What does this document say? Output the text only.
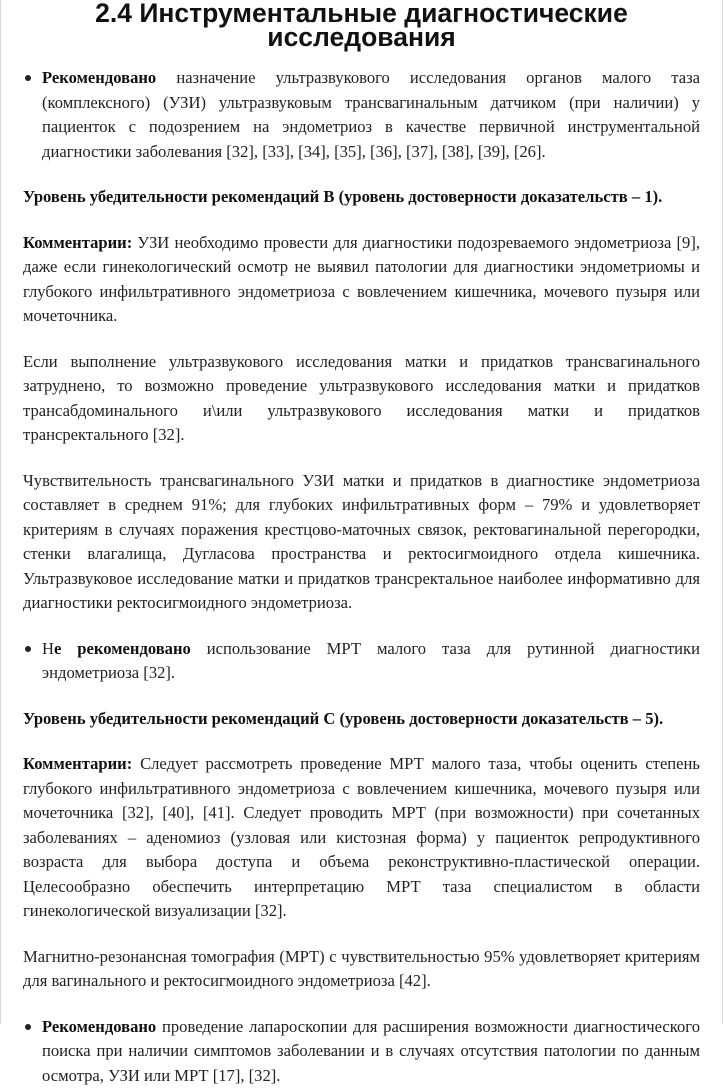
2.4 Инструментальные диагностические исследования

Рекомендовано назначение ультразвукового исследования органов малого таза (комплексного) (УЗИ) ультразвуковым трансвагинальным датчиком (при наличии) у пациенток с подозрением на эндометриоз в качестве первичной инструментальной диагностики заболевания [32], [33], [34], [35], [36], [37], [38], [39], [26].

Уровень убедительности рекомендаций B (уровень достоверности доказательств – 1).

Комментарии: УЗИ необходимо провести для диагностики подозреваемого эндометриоза [9], даже если гинекологический осмотр не выявил патологии для диагностики эндометриомы и глубокого инфильтративного эндометриоза с вовлечением кишечника, мочевого пузыря или мочеточника.

Если выполнение ультразвукового исследования матки и придатков трансвагинального затруднено, то возможно проведение ультразвукового исследования матки и придатков трансабдоминального и\или ультразвукового исследования матки и придатков трансректального [32].

Чувствительность трансвагинального УЗИ матки и придатков в диагностике эндометриоза составляет в среднем 91%; для глубоких инфильтративных форм – 79% и удовлетворяет критериям в случаях поражения крестцово-маточных связок, ректовагинальной перегородки, стенки влагалища, Дугласова пространства и ректосигмоидного отдела кишечника. Ультразвуковое исследование матки и придатков трансректальное наиболее информативно для диагностики ректосигмоидного эндометриоза.

Не рекомендовано использование МРТ малого таза для рутинной диагностики эндометриоза [32].

Уровень убедительности рекомендаций C (уровень достоверности доказательств – 5).

Комментарии: Следует рассмотреть проведение МРТ малого таза, чтобы оценить степень глубокого инфильтративного эндометриоза с вовлечением кишечника, мочевого пузыря или мочеточника [32], [40], [41]. Следует проводить МРТ (при возможности) при сочетанных заболеваниях – аденомиоз (узловая или кистозная форма) у пациенток репродуктивного возраста для выбора доступа и объема реконструктивно-пластической операции. Целесообразно обеспечить интерпретацию МРТ таза специалистом в области гинекологической визуализации [32].

Магнитно-резонансная томография (МРТ) с чувствительностью 95% удовлетворяет критериям для вагинального и ректосигмоидного эндометриоза [42].

Рекомендовано проведение лапароскопии для расширения возможности диагностического поиска при наличии симптомов заболевании и в случаях отсутствия патологии по данным осмотра, УЗИ или МРТ [17], [32].
